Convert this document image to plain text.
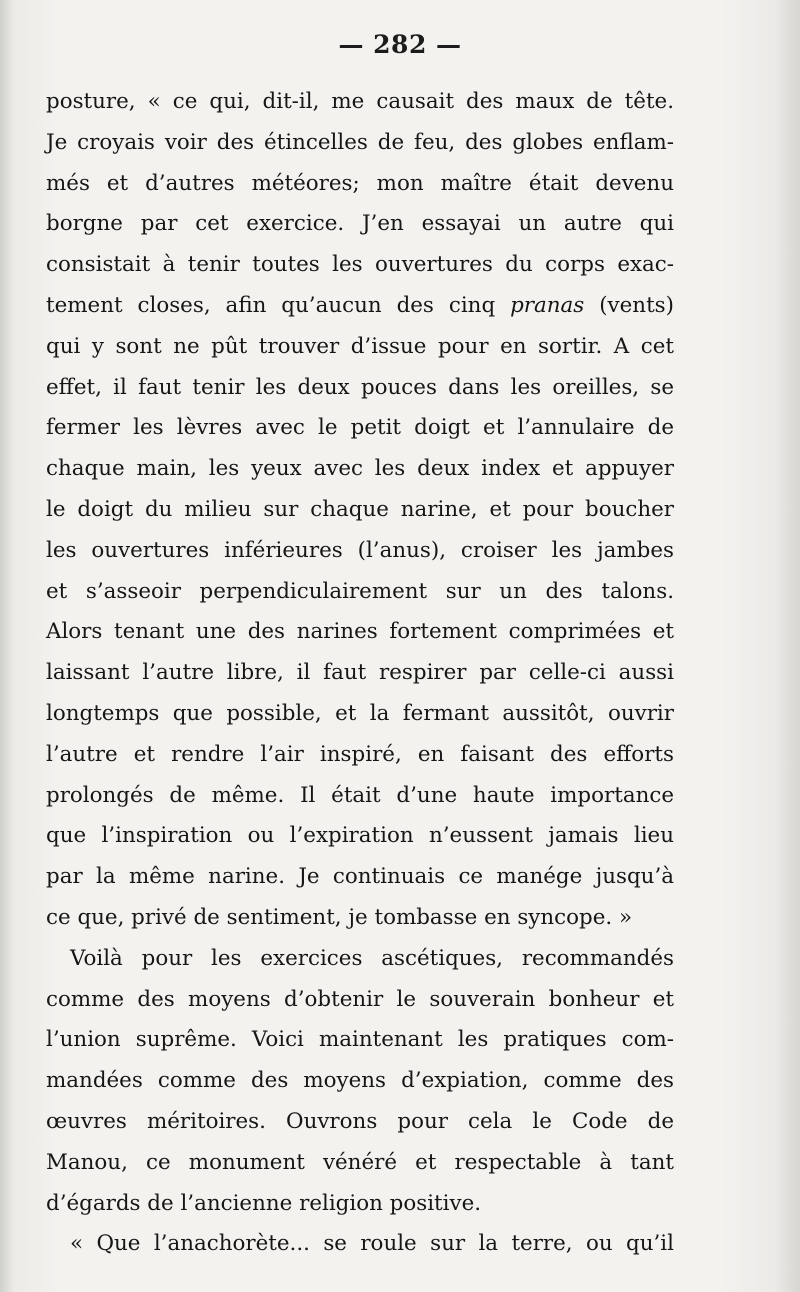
— 282 —
posture, « ce qui, dit-il, me causait des maux de tête.
Je croyais voir des étincelles de feu, des globes enflam-
més et d’autres météores; mon maître était devenu
borgne par cet exercice. J’en essayai un autre qui
consistait à tenir toutes les ouvertures du corps exac-
tement closes, afin qu’aucun des cinq pranas (vents)
qui y sont ne pût trouver d’issue pour en sortir. A cet
effet, il faut tenir les deux pouces dans les oreilles, se
fermer les lèvres avec le petit doigt et l’annulaire de
chaque main, les yeux avec les deux index et appuyer
le doigt du milieu sur chaque narine, et pour boucher
les ouvertures inférieures (l’anus), croiser les jambes
et s’asseoir perpendiculairement sur un des talons.
Alors tenant une des narines fortement comprimées et
laissant l’autre libre, il faut respirer par celle-ci aussi
longtemps que possible, et la fermant aussitôt, ouvrir
l’autre et rendre l’air inspiré, en faisant des efforts
prolongés de même. Il était d’une haute importance
que l’inspiration ou l’expiration n’eussent jamais lieu
par la même narine. Je continuais ce manége jusqu’à
ce que, privé de sentiment, je tombasse en syncope. »
Voilà pour les exercices ascétiques, recommandés
comme des moyens d’obtenir le souverain bonheur et
l’union suprême. Voici maintenant les pratiques com-
mandées comme des moyens d’expiation, comme des
œuvres méritoires. Ouvrons pour cela le Code de
Manou, ce monument vénéré et respectable à tant
d’égards de l’ancienne religion positive.
« Que l’anachorète... se roule sur la terre, ou qu’il
